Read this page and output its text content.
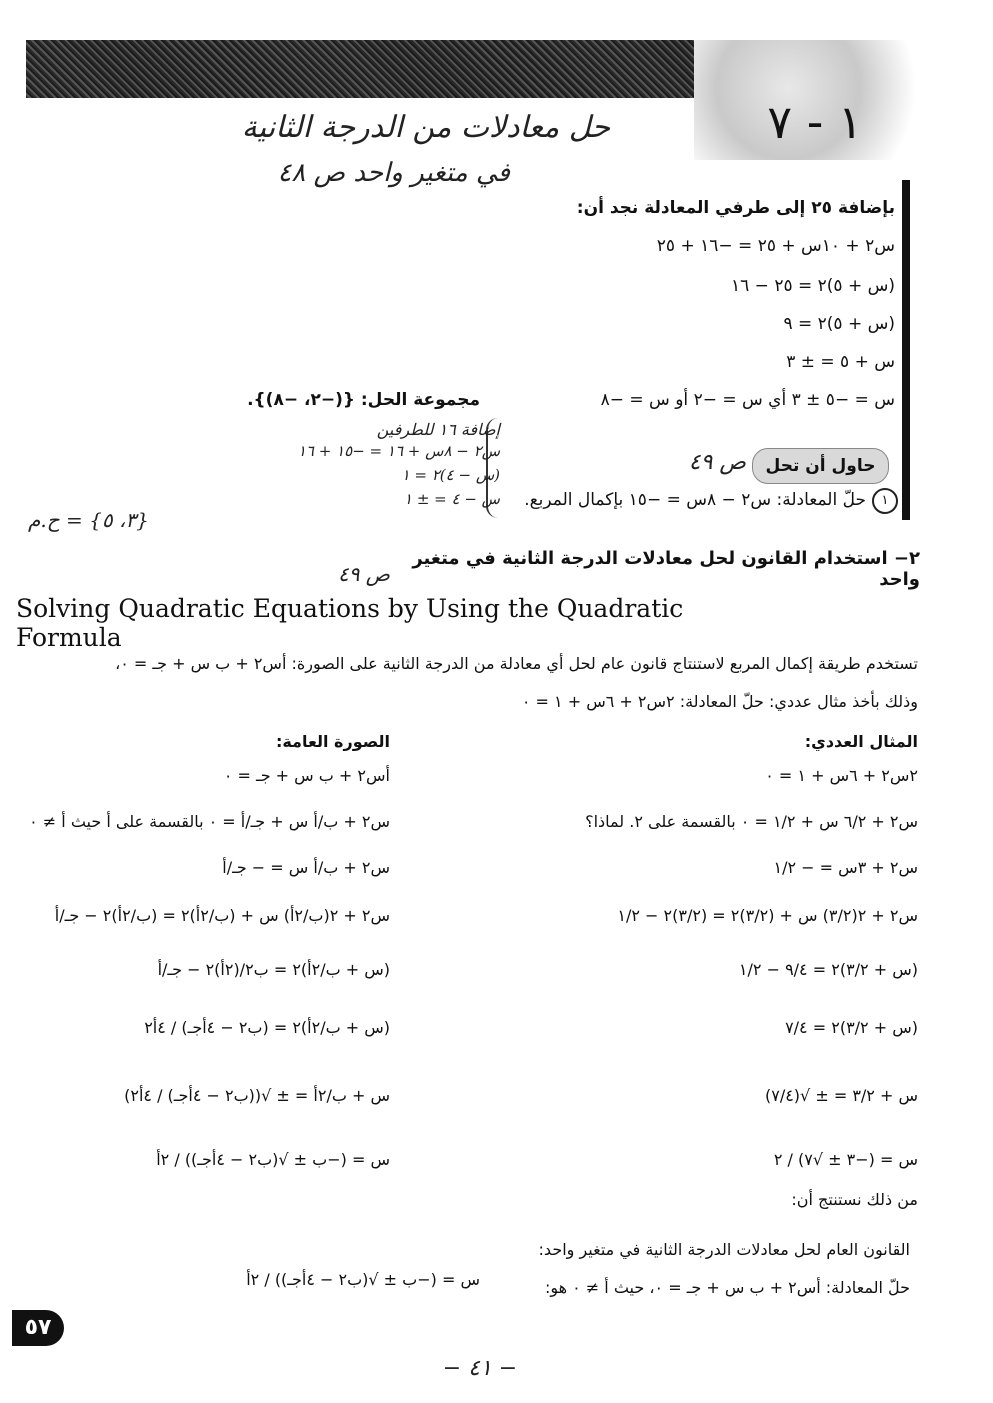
١ - ٧
حل معادلات من الدرجة الثانية
في متغير واحد ص ٤٨
بإضافة ٢٥ إلى طرفي المعادلة نجد أن:
س٢ + ١٠س + ٢٥ = −١٦ + ٢٥
(س + ٥)٢ = ٢٥ − ١٦
(س + ٥)٢ = ٩
س + ٥ = ± ٣
س = −٥ ± ٣ أي س = −٢ أو س = −٨
مجموعة الحل: {(−٢، −٨)}.
حاول أن تحل
ص ٤٩
إضافة ١٦ للطرفين
س٢ − ٨س + ١٦ = −١٥ + ١٦
(س − ٤)٢ = ١
س − ٤ = ± ١	١
حلّ المعادلة: س٢ − ٨س = −١٥ بإكمال المربع.
{٣، ٥} = ح.م
٢− استخدام القانون لحل معادلات الدرجة الثانية في متغير واحد
ص ٤٩
Solving Quadratic Equations by Using the Quadratic Formula
تستخدم طريقة إكمال المربع لاستنتاج قانون عام لحل أي معادلة من الدرجة الثانية على الصورة: أس٢ + ب س + جـ = ٠،
وذلك بأخذ مثال عددي: حلّ المعادلة: ٢س٢ + ٦س + ١ = ٠
المثال العددي:
٢س٢ + ٦س + ١ = ٠
س٢ + ٦/٢ س + ١/٢ = ٠ بالقسمة على ٢. لماذا؟
س٢ + ٣س = − ١/٢
س٢ + ٢(٣/٢) س + (٣/٢)٢ = (٣/٢)٢ − ١/٢
(س + ٣/٢)٢ = ٩/٤ − ١/٢
(س + ٣/٢)٢ = ٧/٤
س + ٣/٢ = ± √(٧/٤)
س = (−٣ ± √٧) / ٢
الصورة العامة:
أس٢ + ب س + جـ = ٠
س٢ + ب/أ س + جـ/أ = ٠ بالقسمة على أ حيث أ ≠ ٠
س٢ + ب/أ س = − جـ/أ
س٢ + ٢(ب/٢أ) س + (ب/٢أ)٢ = (ب/٢أ)٢ − جـ/أ
(س + ب/٢أ)٢ = ب٢/(٢أ)٢ − جـ/أ
(س + ب/٢أ)٢ = (ب٢ − ٤أجـ) / ٤أ٢
س + ب/٢أ = ± √((ب٢ − ٤أجـ) / ٤أ٢)
س = (−ب ± √(ب٢ − ٤أجـ)) / ٢أ
من ذلك نستنتج أن:
القانون العام لحل معادلات الدرجة الثانية في متغير واحد:
حلّ المعادلة: أس٢ + ب س + جـ = ٠، حيث أ ≠ ٠ هو:
س = (−ب ± √(ب٢ − ٤أجـ)) / ٢أ
٥٧
− ٤١ −
